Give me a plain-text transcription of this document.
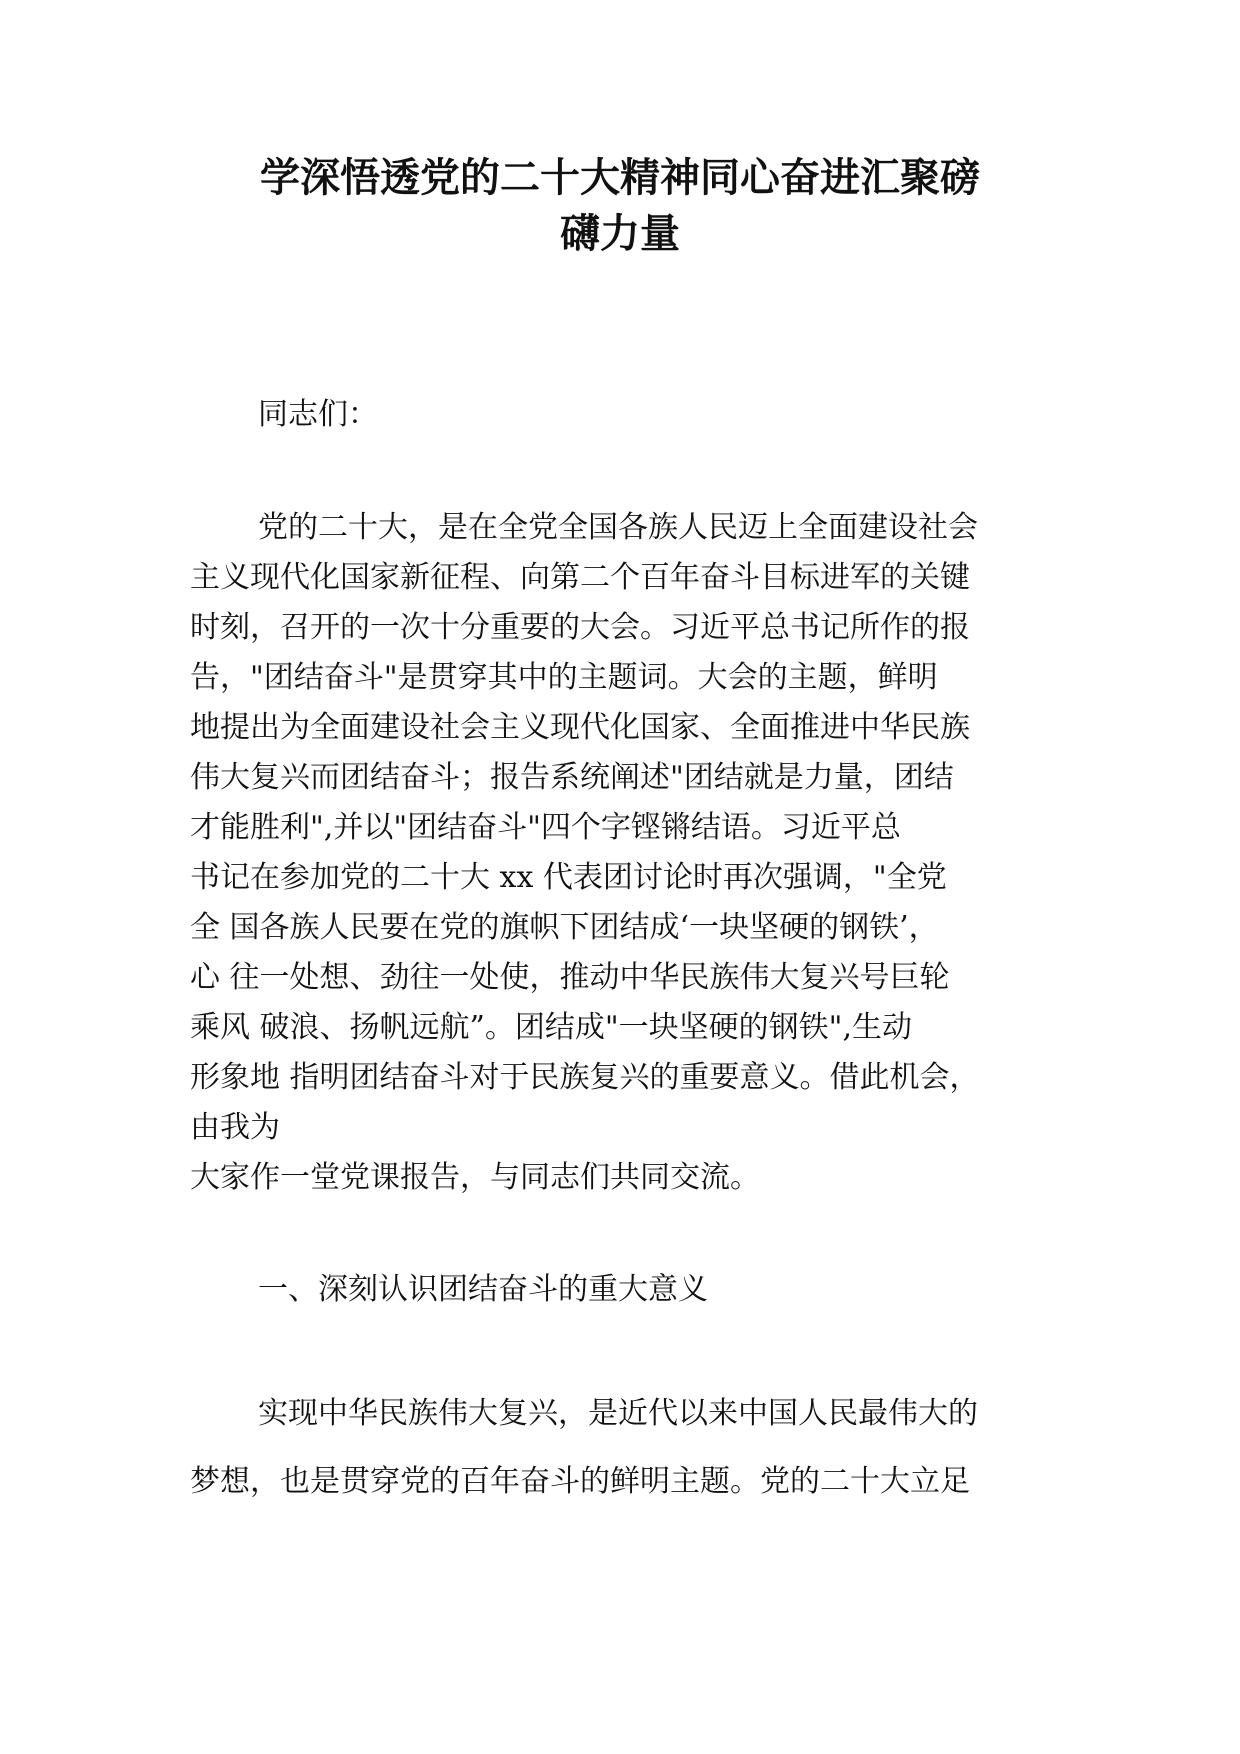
学深悟透党的二十大精神同心奋进汇聚磅
礴力量

同志们：

党的二十大，是在全党全国各族人民迈上全面建设社会
主义现代化国家新征程、向第二个百年奋斗目标进军的关键
时刻，召开的一次十分重要的大会。习近平总书记所作的报
告，"团结奋斗"是贯穿其中的主题词。大会的主题，鲜明
地提出为全面建设社会主义现代化国家、全面推进中华民族
伟大复兴而团结奋斗；报告系统阐述"团结就是力量，团结
才能胜利",并以"团结奋斗"四个字铿锵结语。习近平总
书记在参加党的二十大 xx 代表团讨论时再次强调，"全党
全 国各族人民要在党的旗帜下团结成‘一块坚硬的钢铁’，
心 往一处想、劲往一处使，推动中华民族伟大复兴号巨轮
乘风 破浪、扬帆远航”。团结成"一块坚硬的钢铁",生动
形象地 指明团结奋斗对于民族复兴的重要意义。借此机会，
由我为
大家作一堂党课报告，与同志们共同交流。

一、深刻认识团结奋斗的重大意义

实现中华民族伟大复兴，是近代以来中国人民最伟大的
梦想，也是贯穿党的百年奋斗的鲜明主题。党的二十大立足
